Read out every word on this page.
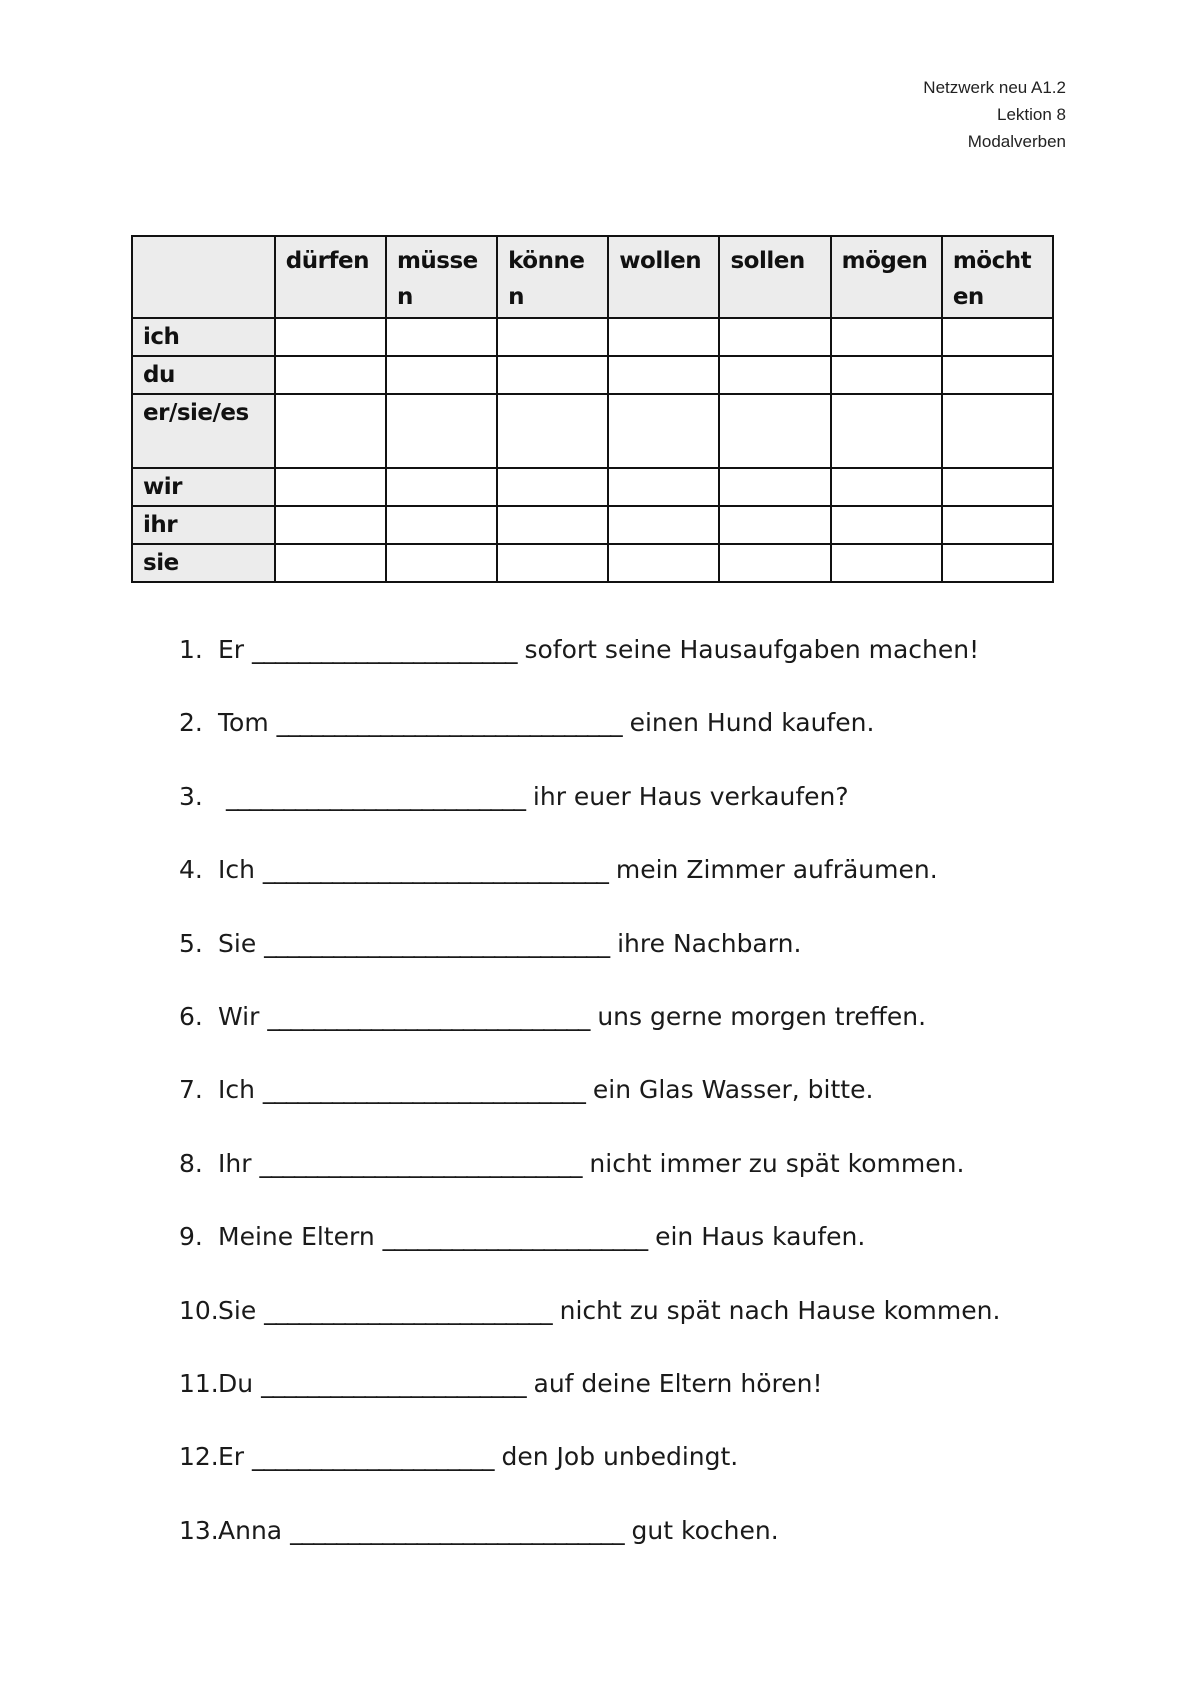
Netzwerk neu A1.2
Lektion 8
Modalverben
	dürfen	müssen	können	wollen	sollen	mögen	möchten
ich							
du							
er/sie/es							
wir							
ihr							
sie							
1. Er _______________________ sofort seine Hausaufgaben machen!
2. Tom ______________________________ einen Hund kaufen.
3. __________________________ ihr euer Haus verkaufen?
4. Ich ______________________________ mein Zimmer aufräumen.
5. Sie ______________________________ ihre Nachbarn.
6. Wir ____________________________ uns gerne morgen treffen.
7. Ich ____________________________ ein Glas Wasser, bitte.
8. Ihr ____________________________ nicht immer zu spät kommen.
9. Meine Eltern _______________________ ein Haus kaufen.
10.Sie _________________________ nicht zu spät nach Hause kommen.
11.Du _______________________ auf deine Eltern hören!
12.Er _____________________ den Job unbedingt.
13.Anna _____________________________ gut kochen.
